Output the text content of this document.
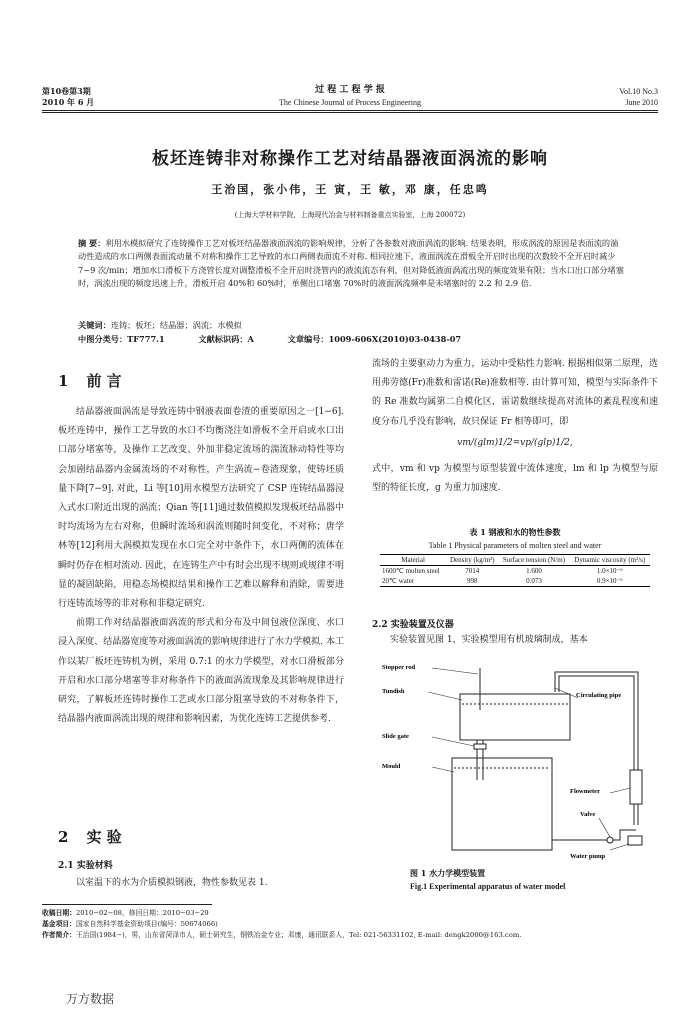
第10卷第3期
2010 年 6 月
过 程 工 程 学 报
The Chinese Journal of Process Engineering
Vol.10 No.3
June 2010
板坯连铸非对称操作工艺对结晶器液面涡流的影响
王治国，张小伟，王 寅，王 敏，邓 康，任忠鸣
(上海大学材料学院，上海现代冶金与材料制备重点实验室，上海 200072)
摘 要：利用水模拟研究了连铸操作工艺对板坯结晶器液面涡流的影响规律，分析了各参数对液面涡流的影响. 结果表明，形成涡流的原因是表面流的湍动性造成的水口两侧表面流动量不对称和操作工艺导致的水口两侧表面流不对称. 相同拉速下，液面涡流在滑板全开启时出现的次数较不全开启时减少 7~9 次/min；增加水口滑板下方浇管长度对调整滑板不全开启时浇管内的液流流态有利，但对降低液面涡流出现的频度效果有限；当水口出口部分堵塞时，涡流出现的频度迅速上升，滑板开启 40%和 60%时，单侧出口堵塞 70%时的液面涡流频率是未堵塞时的 2.2 和 2.9 倍.
关键词：连铸；板坯；结晶器；涡流；水模拟
中图分类号：TF777.1	文献标识码：A	文章编号：1009-606X(2010)03-0438-07
1 前 言

结晶器液面涡流是导致连铸中钢液表面卷渣的重要原因之一[1−6]. 板坯连铸中，操作工艺导致的水口不均衡浇注如滑板不全开启或水口出口部分堵塞等，及操作工艺改变、外加非稳定流场的湍流脉动特性等均会加剧结晶器内金属流场的不对称性，产生涡流−卷渣现象，使铸坯质量下降[7−9]. 对此，Li 等[10]用水模型方法研究了 CSP 连铸结晶器浸入式水口附近出现的涡流；Qian 等[11]通过数值模拟发现板坯结晶器中时均流场为左右对称，但瞬时流场和涡流则随时间变化，不对称；唐学林等[12]利用大涡模拟发现在水口完全对中条件下，水口两侧的流体在瞬时仍存在相对流动. 因此，在连铸生产中有时会出现不规则或规律不明显的凝固缺陷，用稳态场模拟结果和操作工艺难以解释和消除，需要进行连铸流场等的非对称和非稳定研究.

前期工作对结晶器液面涡流的形式和分布及中间包液位深度、水口浸入深度、结晶器宽度等对液面涡流的影响规律进行了水力学模拟. 本工作以某厂板坯连铸机为例，采用 0.7:1 的水力学模型，对水口滑板部分开启和水口部分堵塞等非对称条件下的液面涡流现象及其影响规律进行研究，了解板坯连铸时操作工艺或水口部分阻塞导致的不对称条件下，结晶器内液面涡流出现的规律和影响因素，为优化连铸工艺提供参考.

2 实 验
2.1 实验材料

以室温下的水为介质模拟钢液，物性参数见表 1.

流场的主要驱动力为重力，运动中受粘性力影响. 根据相似第二原理，选用弗劳德(Fr)准数和雷诺(Re)准数相等. 由计算可知，模型与实际条件下的 Re 准数均属第二自模化区，雷诺数继续提高对流体的紊乱程度和速度分布几乎没有影响，故只保证 Fr 相等即可，即

vm/(glm)1/2=vp/(glp)1/2,

式中，vm 和 vp 为模型与原型装置中流体速度，lm 和 lp 为模型与原型的特征长度，g 为重力加速度.

表 1 钢液和水的物性参数
Table 1 Physical parameters of molten steel and water
Material	Density (kg/m³)	Surface tension (N/m)	Dynamic viscosity (m²/s)
1600℃ molten steel	7014	1.600	1.0×10⁻⁶
20℃ water	998	0.073	0.9×10⁻⁶
2.2 实验装置及仪器

实验装置见图 1，实验模型用有机玻璃制成，基本

Stopper rod
Tundish
Slide gate
Mould
Circulating pipe
Flowmeter
Valve
Water pump
图 1 水力学模型装置
Fig.1 Experimental apparatus of water model
收稿日期：2010−02−08，修回日期：2010−03−29
基金项目：国家自然科学基金资助项目(编号：50674066)
作者简介：王治国(1984−)，男，山东省菏泽市人，硕士研究生，钢铁冶金专业；邓康，通讯联系人，Tel: 021-56331102, E-mail: dengk2000@163.com.
万方数据
